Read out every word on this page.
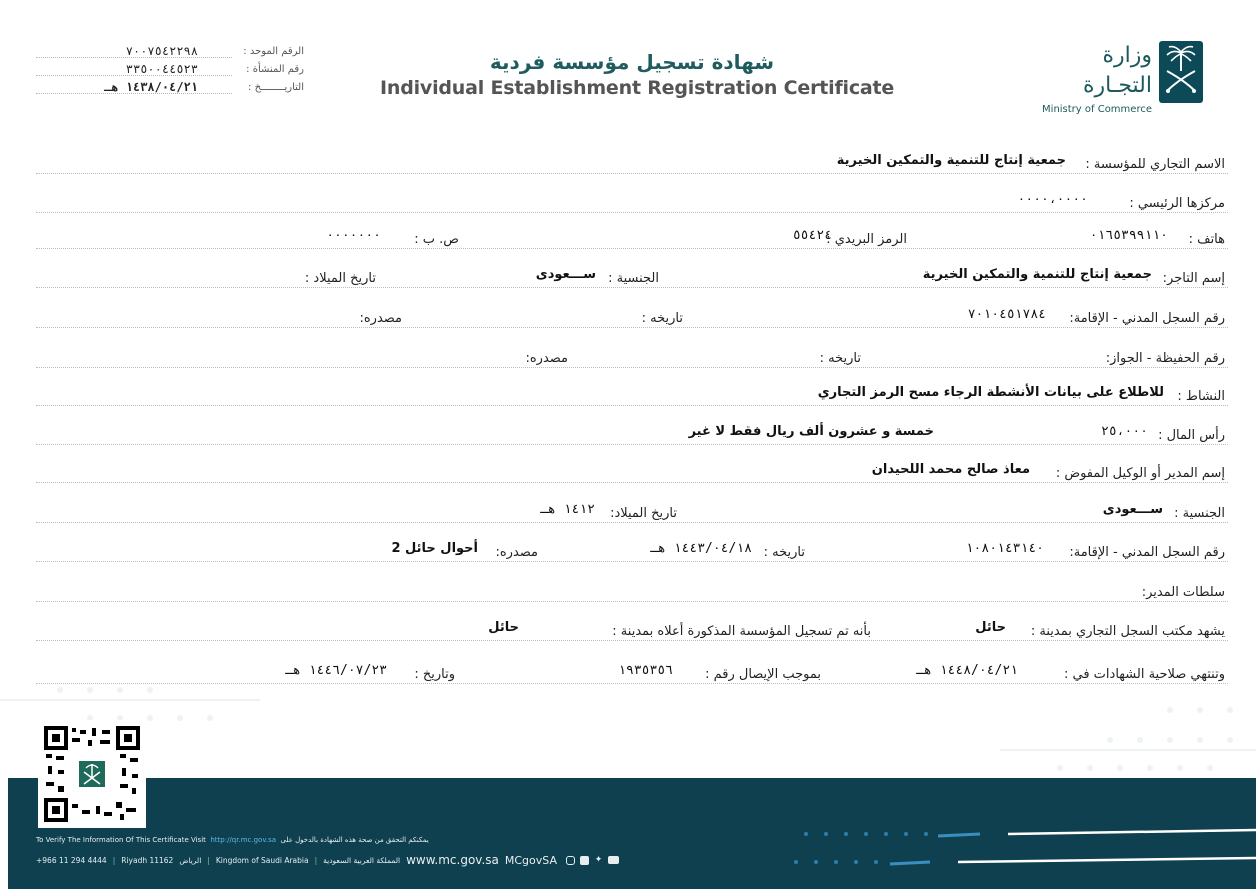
الرقم الموحد :
٧٠٠٧٥٤٢٢٩٨
رقم المنشأة :
٣٣٥٠٠٤٤٥٢٣
التاريــــــــخ :
١٤٣٨/٠٤/٢١ هـ
شهادة تسجيل مؤسسة فردية
Individual Establishment Registration Certificate
وزارة التجـارة
Ministry of Commerce
الاسم التجاري للمؤسسة :
جمعية إنتاج للتنمية والتمكين الخيرية
مركزها الرئيسي :
٠٠٠٠،٠٠٠٠
هاتف :
٠١٦٥٣٩٩١١٠
الرمز البريدي :
٥٥٤٢٤
ص. ب :
٠٠٠٠٠٠٠
إسم التاجر:
جمعية إنتاج للتنمية والتمكين الخيرية
الجنسية :
ســـعودى
تاريخ الميلاد :
رقم السجل المدني - الإقامة:
٧٠١٠٤٥١٧٨٤
تاريخه :
مصدره:
رقم الحفيظة - الجواز:
تاريخه :
مصدره:
النشاط :
للاطلاع على بيانات الأنشطة الرجاء مسح الرمز التجاري
رأس المال :
٢٥،٠٠٠
خمسة و عشرون ألف ريال فقط لا غير
إسم المدير أو الوكيل المفوض :
معاذ صالح محمد اللحيدان
الجنسية :
ســـعودى
تاريخ الميلاد:
١٤١٢ هـ
رقم السجل المدني - الإقامة:
١٠٨٠١٤٣١٤٠
تاريخه :
١٤٤٣/٠٤/١٨ هـ
مصدره:
أحوال حائل 2
سلطات المدير:
يشهد مكتب السجل التجاري بمدينة :
حائل
بأنه تم تسجيل المؤسسة المذكورة أعلاه بمدينة :
حائل
وتنتهي صلاحية الشهادات في :
١٤٤٨/٠٤/٢١ هـ
بموجب الإيصال رقم :
١٩٣٥٣٥٦
وتاريخ :
١٤٤٦/٠٧/٢٣ هـ
To Verify The Information Of This Certificate Visit http://qr.mc.gov.sa يمكنكم التحقق من صحة هذه الشهادة بالدخول على
+966 11 294 4444 | Riyadh 11162 الرياض | Kingdom of Saudi Arabia | المملكة العربية السعودية www.mc.gov.sa MCgovSA	✦
